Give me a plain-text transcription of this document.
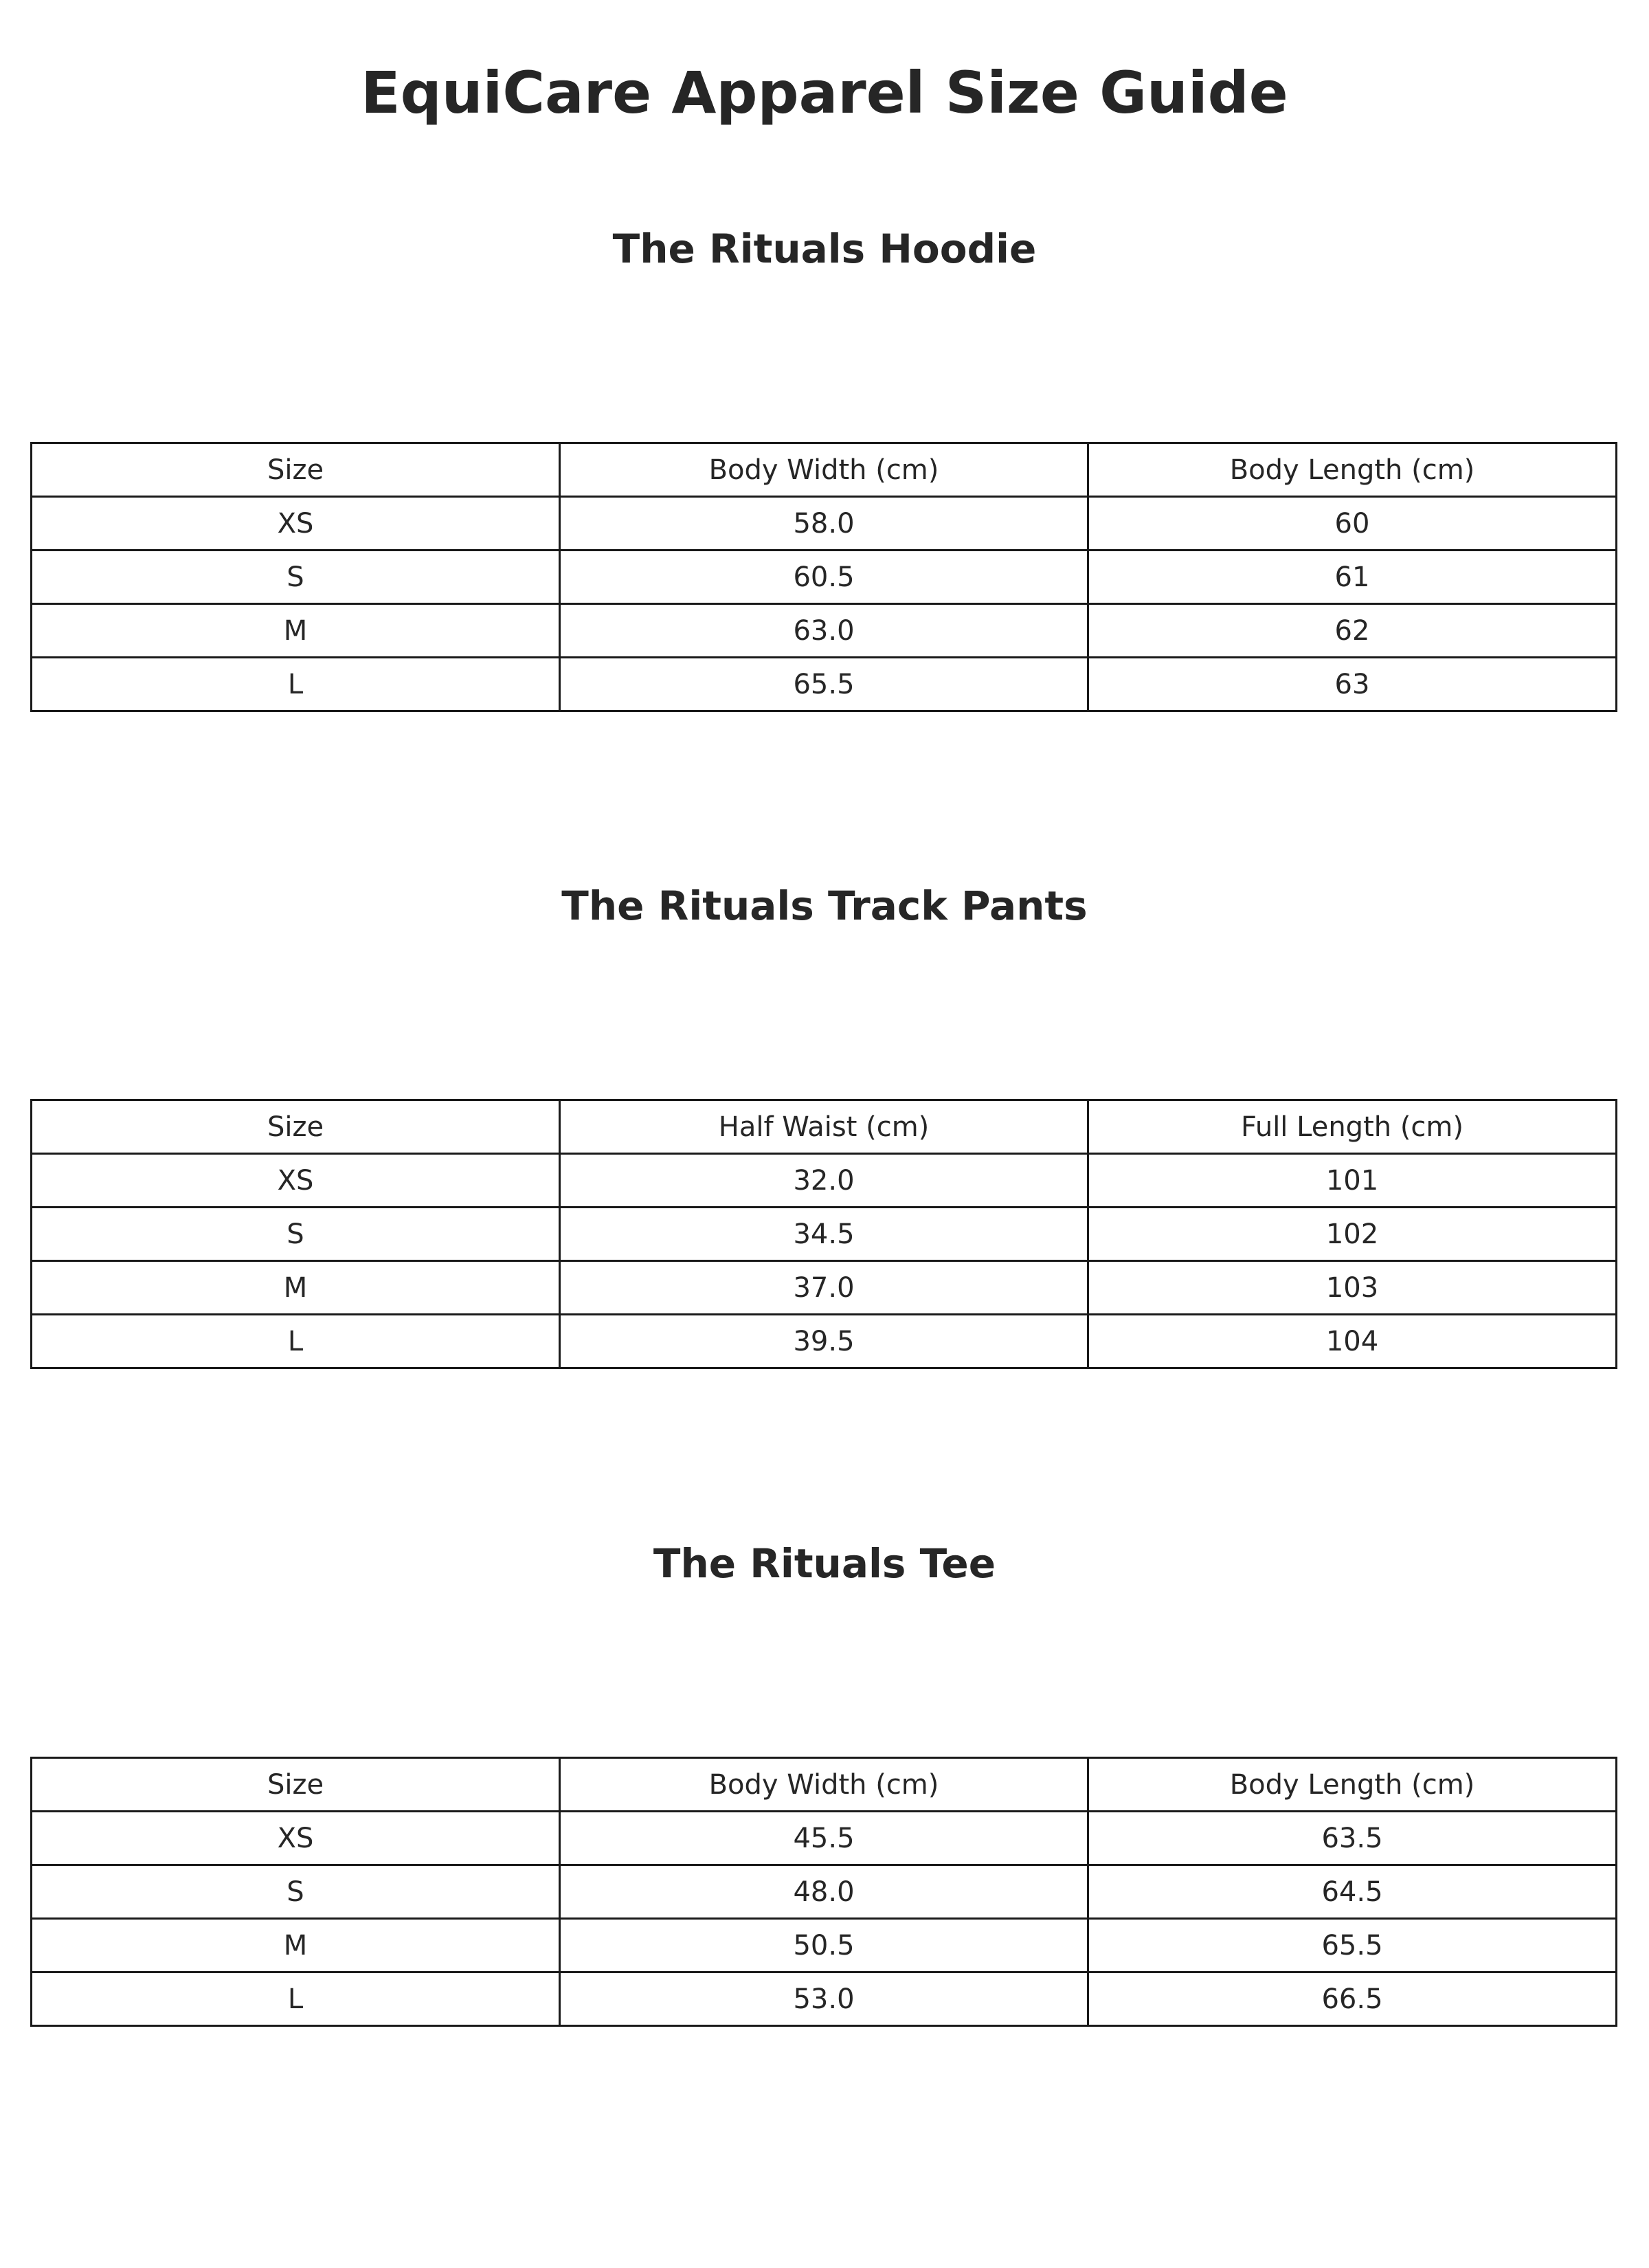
EquiCare Apparel Size Guide
The Rituals Hoodie
Size	Body Width (cm)	Body Length (cm)
XS	58.0	60
S	60.5	61
M	63.0	62
L	65.5	63
The Rituals Track Pants
Size	Half Waist (cm)	Full Length (cm)
XS	32.0	101
S	34.5	102
M	37.0	103
L	39.5	104
The Rituals Tee
Size	Body Width (cm)	Body Length (cm)
XS	45.5	63.5
S	48.0	64.5
M	50.5	65.5
L	53.0	66.5
